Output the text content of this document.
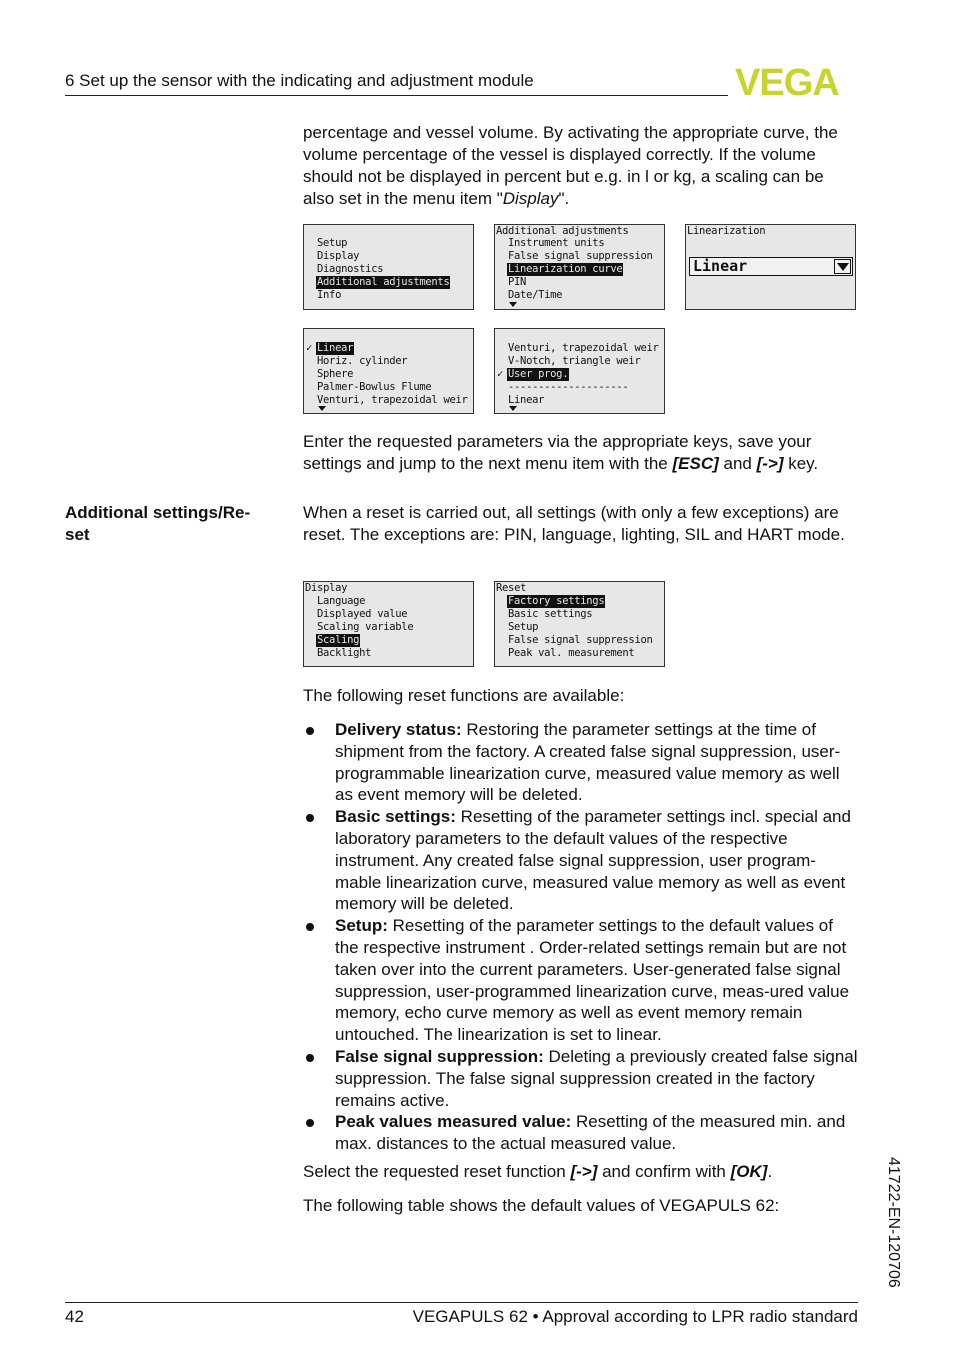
6 Set up the sensor with the indicating and adjustment module	VEGA

percentage and vessel volume. By activating the appropriate curve, the volume percentage of the vessel is displayed correctly. If the volume should not be displayed in percent but e.g. in l or kg, a scaling can be also set in the menu item "Display".

Setup
Display
Diagnostics
Additional adjustments
Info
Additional adjustments
Instrument units
False signal suppression
Linearization curve
PIN
Date/Time
Linearization
Linear
✓ Linear
Horiz. cylinder
Sphere
Palmer-Bowlus Flume
Venturi, trapezoidal weir
Venturi, trapezoidal weir
V-Notch, triangle weir
✓ User prog.
--------------------
Linear

Enter the requested parameters via the appropriate keys, save your settings and jump to the next menu item with the [ESC] and [->] key.

Additional settings/Re-set

When a reset is carried out, all settings (with only a few exceptions) are reset. The exceptions are: PIN, language, lighting, SIL and HART mode.

Display
Language
Displayed value
Scaling variable
Scaling
Backlight
Reset
Factory settings
Basic settings
Setup
False signal suppression
Peak val. measurement

The following reset functions are available:

Delivery status: Restoring the parameter settings at the time of shipment from the factory. A created false signal suppression, user-programmable linearization curve, measured value memory as well as event memory will be deleted.
Basic settings: Resetting of the parameter settings incl. special and laboratory parameters to the default values of the respective instrument. Any created false signal suppression, user program-mable linearization curve, measured value memory as well as event memory will be deleted.
Setup: Resetting of the parameter settings to the default values of the respective instrument . Order-related settings remain but are not taken over into the current parameters. User-generated false signal suppression, user-programmed linearization curve, meas-ured value memory, echo curve memory as well as event memory remain untouched. The linearization is set to linear.
False signal suppression: Deleting a previously created false signal suppression. The false signal suppression created in the factory remains active.
Peak values measured value: Resetting of the measured min. and max. distances to the actual measured value.

Select the requested reset function [->] and confirm with [OK].

The following table shows the default values of VEGAPULS 62:	41722-EN-120706
42	VEGAPULS 62 • Approval according to LPR radio standard
